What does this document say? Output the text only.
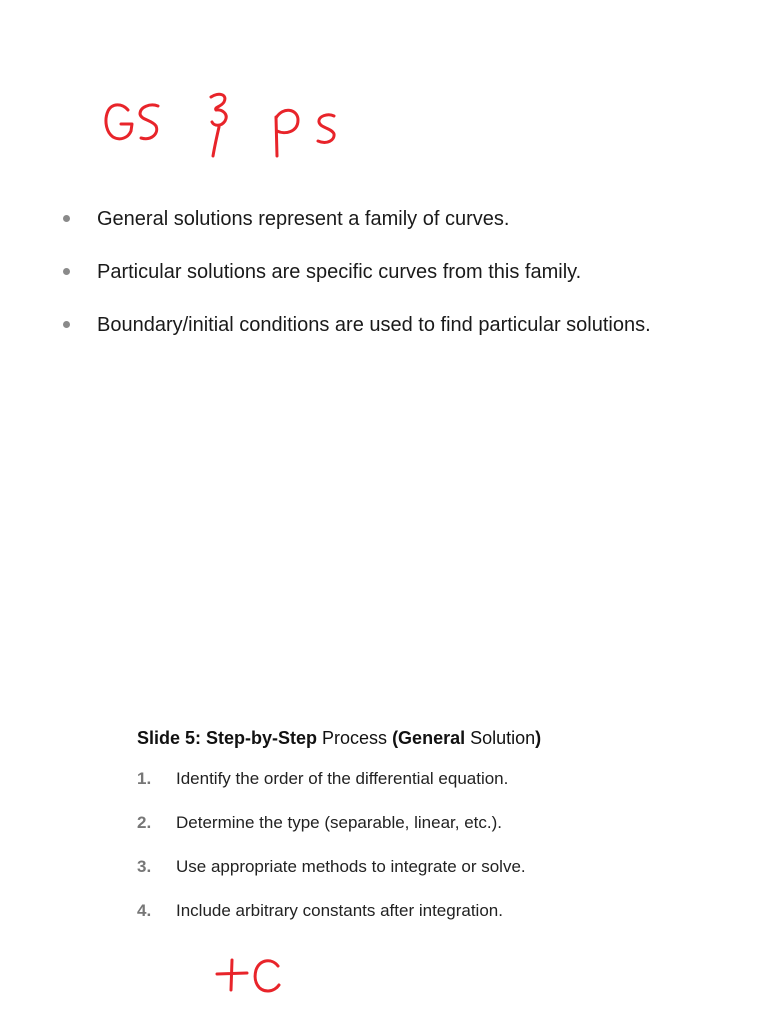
General solutions represent a family of curves.
Particular solutions are specific curves from this family.
Boundary/initial conditions are used to find particular solutions.
Slide 5: Step-by-Step Process (General Solution)
1. Identify the order of the differential equation.
2. Determine the type (separable, linear, etc.).
3. Use appropriate methods to integrate or solve.
4. Include arbitrary constants after integration.
